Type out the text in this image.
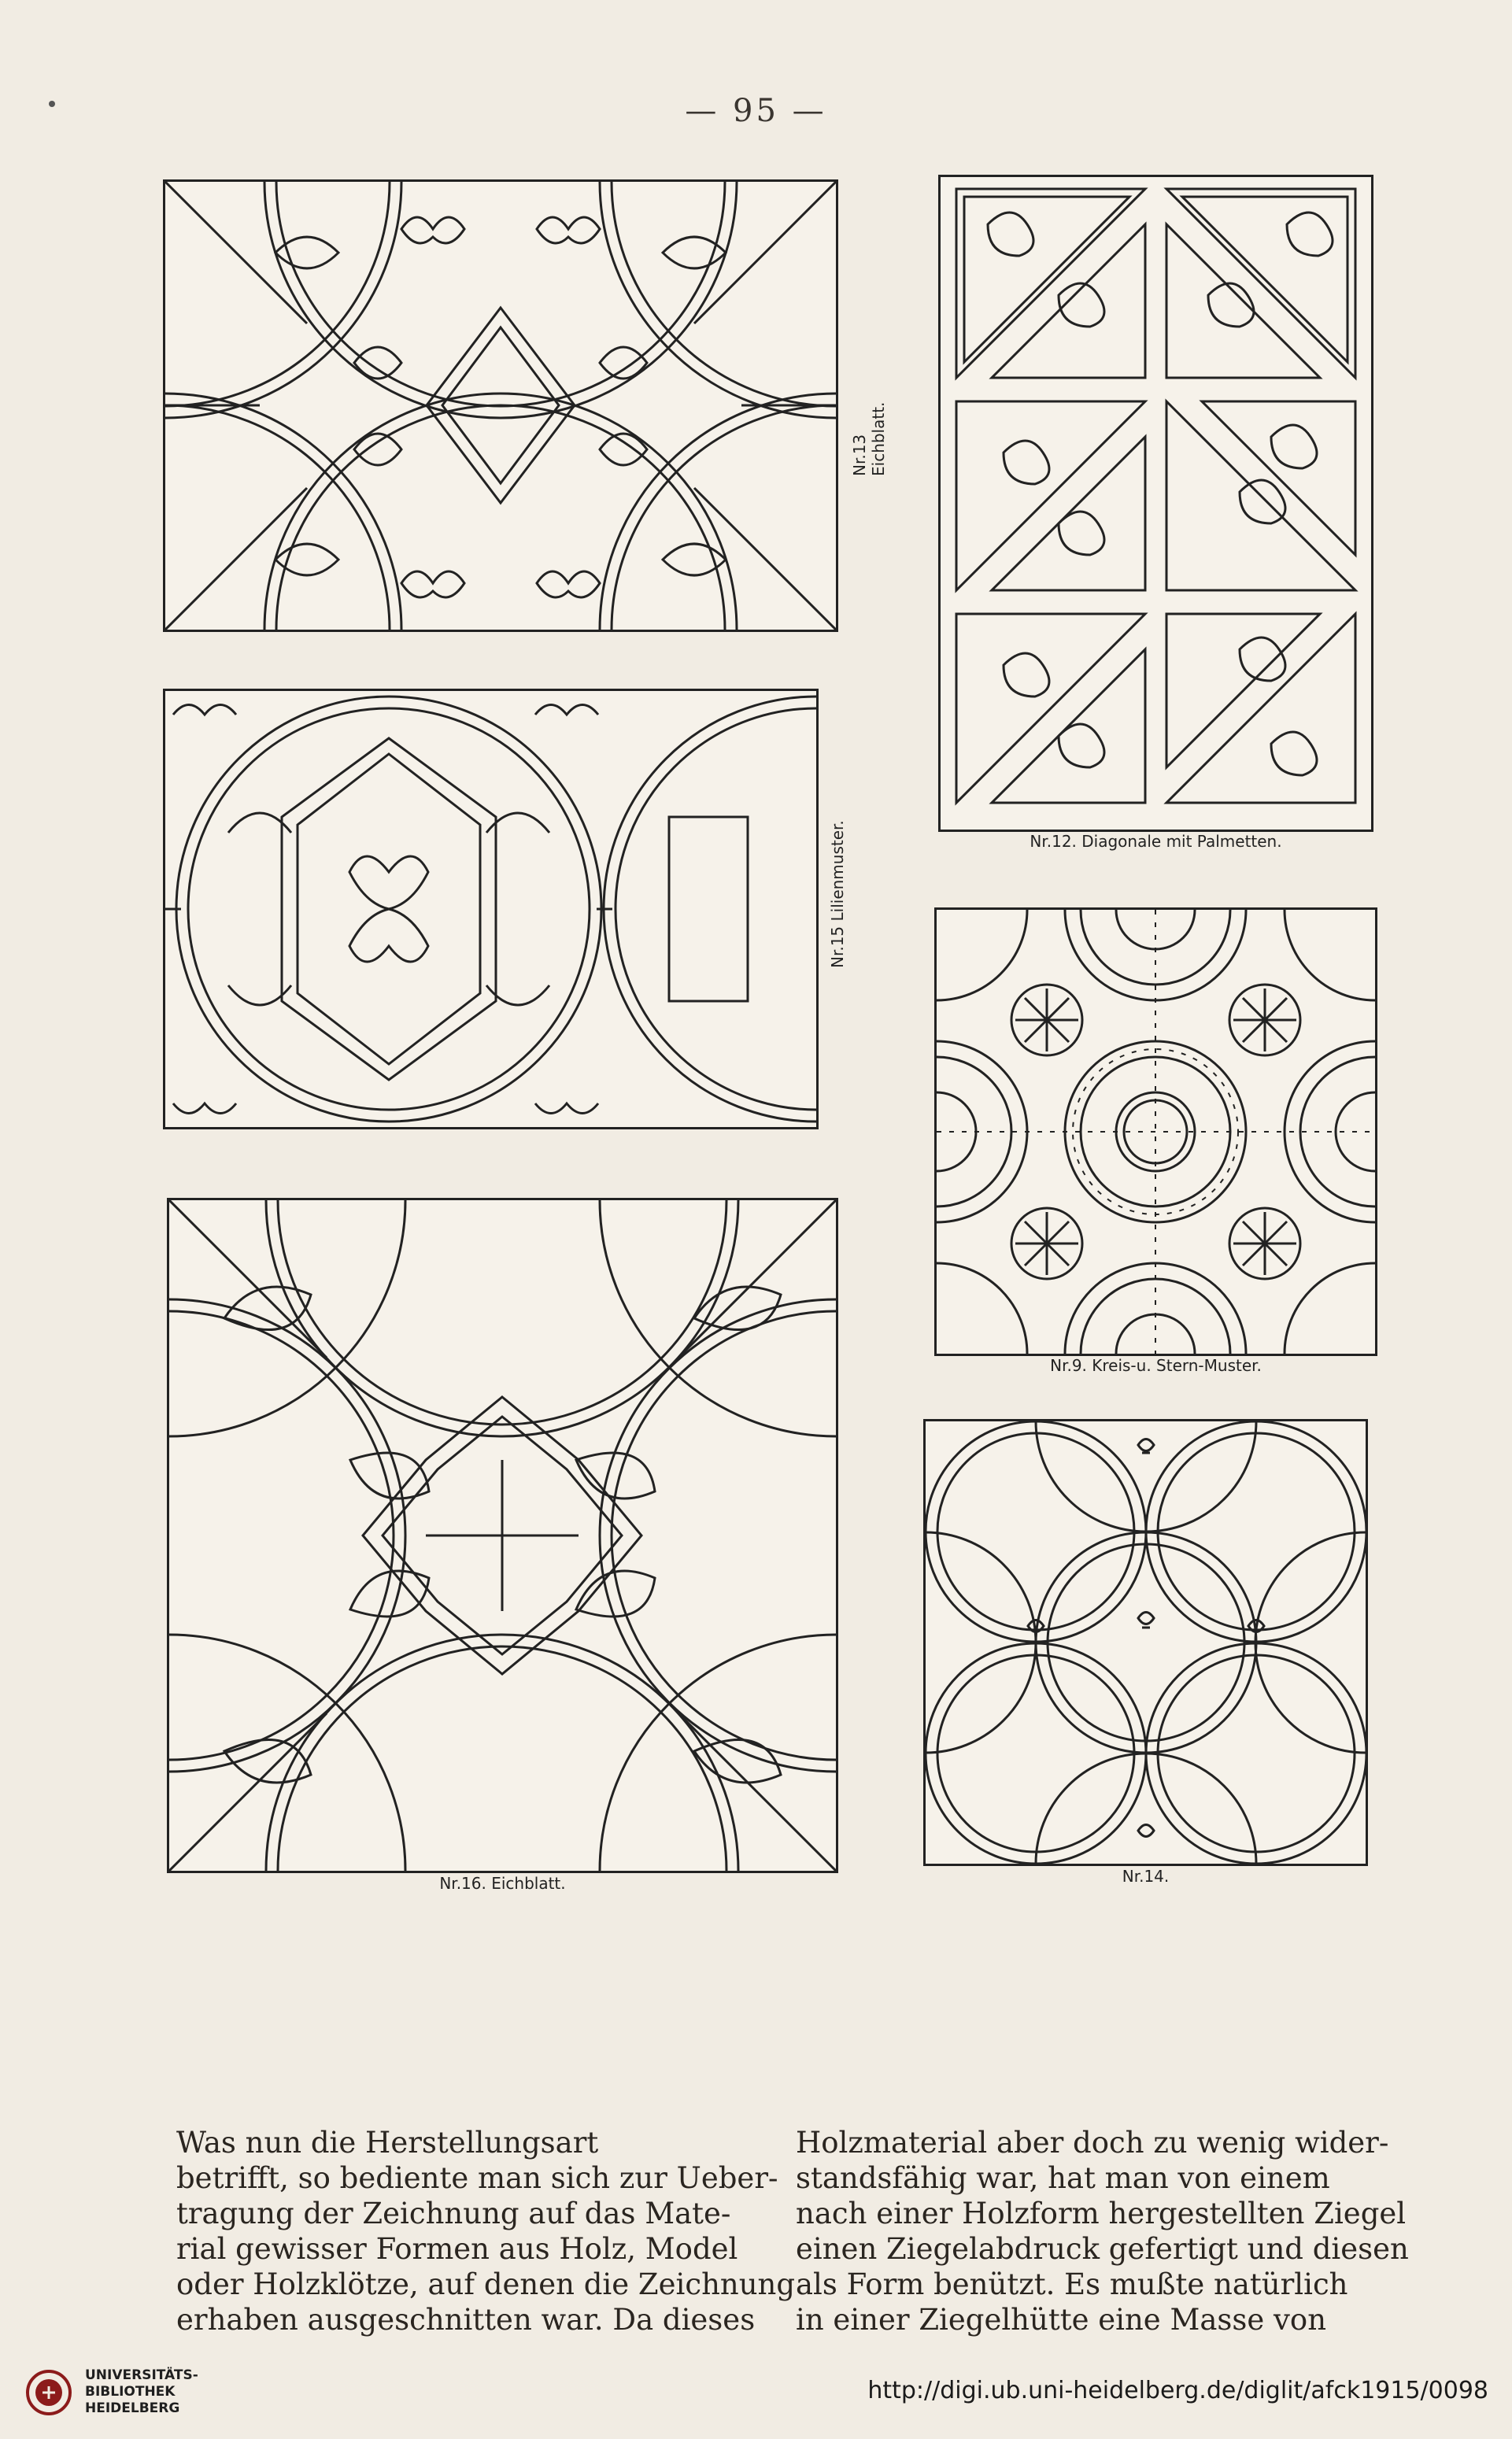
— 95 —
Nr.13 Eichblatt.
Nr.12. Diagonale mit Palmetten.
Nr.15 Lilienmuster.
Nr.9. Kreis-u. Stern-Muster.
Nr.16. Eichblatt.	Nr.14.
Was nun die Herstellungsart
betrifft, so bediente man sich zur Ueber-
tragung der Zeichnung auf das Mate-
rial gewisser Formen aus Holz, Model
oder Holzklötze, auf denen die Zeichnung
erhaben ausgeschnitten war. Da dieses
Holzmaterial aber doch zu wenig wider-
standsfähig war, hat man von einem
nach einer Holzform hergestellten Ziegel
einen Ziegelabdruck gefertigt und diesen
als Form benützt. Es mußte natürlich
in einer Ziegelhütte eine Masse von
UNIVERSITÄTS-
BIBLIOTHEK
HEIDELBERG
http://digi.ub.uni-heidelberg.de/diglit/afck1915/0098
